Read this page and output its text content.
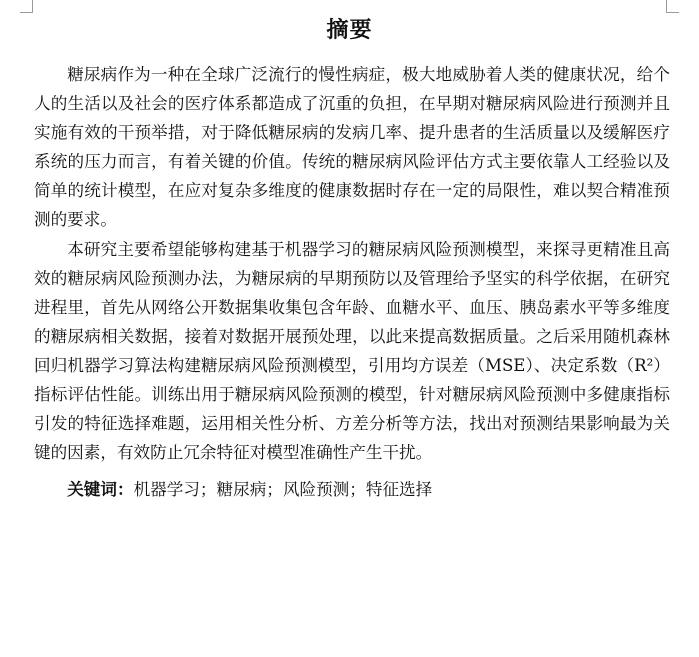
摘要

糖尿病作为一种在全球广泛流行的慢性病症，极大地威胁着人类的健康状况，给个人的生活以及社会的医疗体系都造成了沉重的负担，在早期对糖尿病风险进行预测并且实施有效的干预举措，对于降低糖尿病的发病几率、提升患者的生活质量以及缓解医疗系统的压力而言，有着关键的价值。传统的糖尿病风险评估方式主要依靠人工经验以及简单的统计模型，在应对复杂多维度的健康数据时存在一定的局限性，难以契合精准预测的要求。

本研究主要希望能够构建基于机器学习的糖尿病风险预测模型，来探寻更精准且高效的糖尿病风险预测办法，为糖尿病的早期预防以及管理给予坚实的科学依据，在研究进程里，首先从网络公开数据集收集包含年龄、血糖水平、血压、胰岛素水平等多维度的糖尿病相关数据，接着对数据开展预处理，以此来提高数据质量。之后采用随机森林回归机器学习算法构建糖尿病风险预测模型，引用均方误差（MSE）、决定系数（R²）指标评估性能。训练出用于糖尿病风险预测的模型，针对糖尿病风险预测中多健康指标引发的特征选择难题，运用相关性分析、方差分析等方法，找出对预测结果影响最为关键的因素，有效防止冗余特征对模型准确性产生干扰。

关键词：机器学习；糖尿病；风险预测；特征选择
